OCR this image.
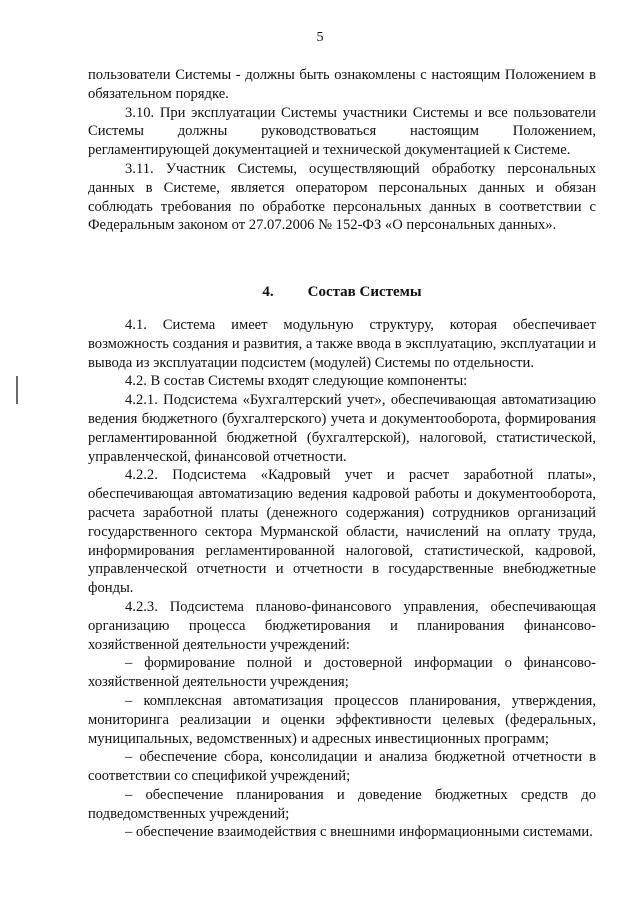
5

пользователи Системы - должны быть ознакомлены с настоящим Положением в обязательном порядке.

3.10. При эксплуатации Системы участники Системы и все пользователи Системы должны руководствоваться настоящим Положением, регламентирующей документацией и технической документацией к Системе.

3.11. Участник Системы, осуществляющий обработку персональных данных в Системе, является оператором персональных данных и обязан соблюдать требования по обработке персональных данных в соответствии с Федеральным законом от 27.07.2006 № 152-ФЗ «О персональных данных».

4. Состав Системы

4.1. Система имеет модульную структуру, которая обеспечивает возможность создания и развития, а также ввода в эксплуатацию, эксплуатации и вывода из эксплуатации подсистем (модулей) Системы по отдельности.

4.2. В состав Системы входят следующие компоненты:

4.2.1. Подсистема «Бухгалтерский учет», обеспечивающая автоматизацию ведения бюджетного (бухгалтерского) учета и документооборота, формирования регламентированной бюджетной (бухгалтерской), налоговой, статистической, управленческой, финансовой отчетности.

4.2.2. Подсистема «Кадровый учет и расчет заработной платы», обеспечивающая автоматизацию ведения кадровой работы и документооборота, расчета заработной платы (денежного содержания) сотрудников организаций государственного сектора Мурманской области, начислений на оплату труда, информирования регламентированной налоговой, статистической, кадровой, управленческой отчетности и отчетности в государственные внебюджетные фонды.

4.2.3. Подсистема планово-финансового управления, обеспечивающая организацию процесса бюджетирования и планирования финансово-хозяйственной деятельности учреждений:

– формирование полной и достоверной информации о финансово-хозяйственной деятельности учреждения;

– комплексная автоматизация процессов планирования, утверждения, мониторинга реализации и оценки эффективности целевых (федеральных, муниципальных, ведомственных) и адресных инвестиционных программ;

– обеспечение сбора, консолидации и анализа бюджетной отчетности в соответствии со спецификой учреждений;

– обеспечение планирования и доведение бюджетных средств до подведомственных учреждений;

– обеспечение взаимодействия с внешними информационными системами.
